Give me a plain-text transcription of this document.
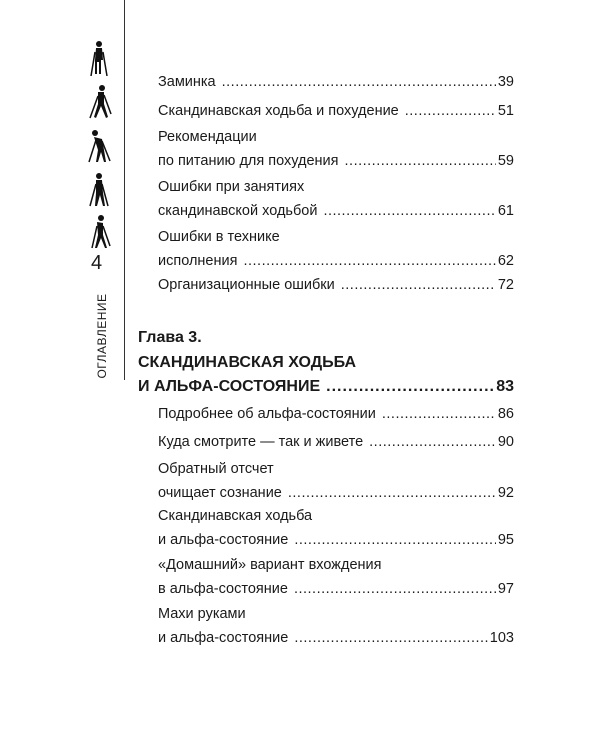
4
ОГЛАВЛЕНИЕ
Заминка .....	39
Скандинавская ходьба и похудение .....	51
Рекомендации
по питанию для похудения .....	59
Ошибки при занятиях
скандинавской ходьбой .....	61
Ошибки в технике
исполнения .....	62
Организационные ошибки .....	72
Глава 3.
СКАНДИНАВСКАЯ ХОДЬБА
И АЛЬФА-СОСТОЯНИЕ .....	83
Подробнее об альфа-состоянии .....	86
Куда смотрите — так и живете .....	90
Обратный отсчет
очищает сознание .....	92
Скандинавская ходьба
и альфа-состояние .....	95
«Домашний» вариант вхождения
в альфа-состояние .....	97
Махи руками
и альфа-состояние .....	103
